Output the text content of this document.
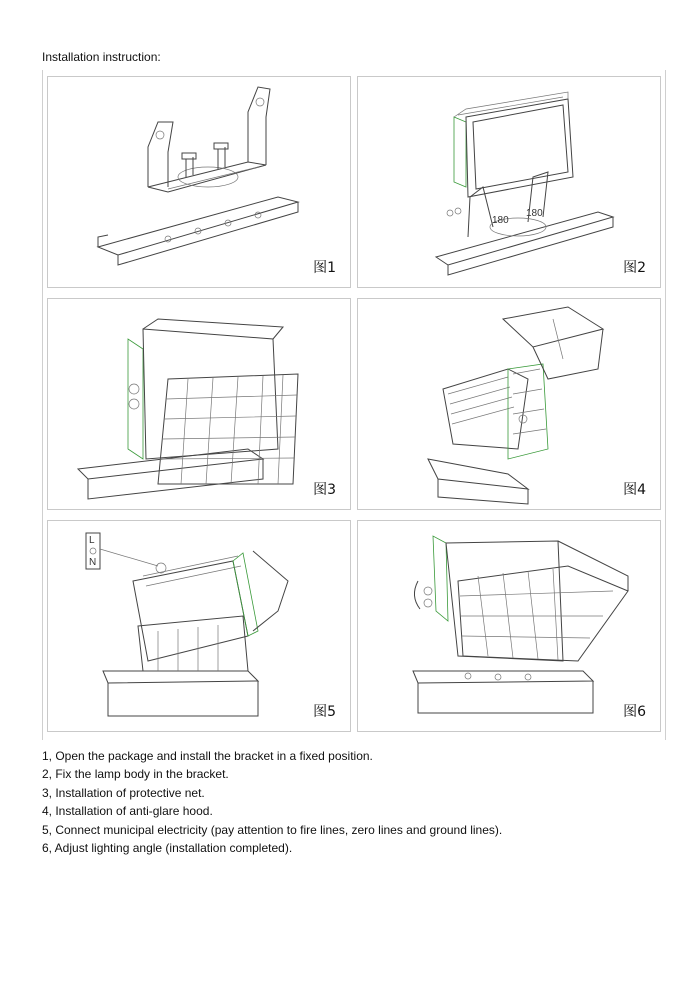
Installation instruction:
图1
180
180
图2
图3	图4
L
N
图5	图6
1, Open the package and install the bracket in a fixed position.
2, Fix the lamp body in the bracket.
3, Installation of protective net.
4, Installation of anti-glare hood.
5, Connect municipal electricity (pay attention to fire lines, zero lines and ground lines).
6, Adjust lighting angle (installation completed).
